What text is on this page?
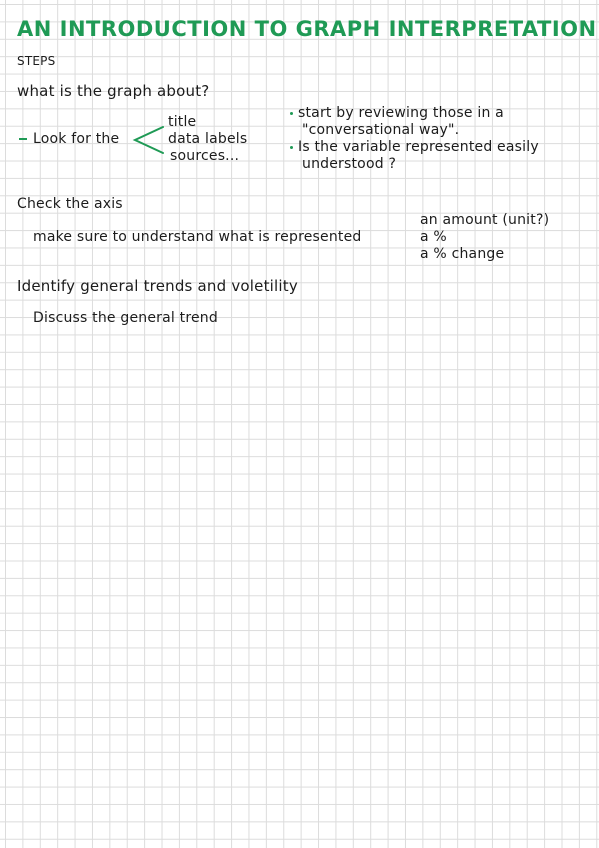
AN INTRODUCTION TO GRAPH INTERPRETATION
STEPS
what is the graph about?
Look for the
title
data labels
sources...
start by reviewing those in a
"conversational way".
Is the variable represented easily
understood ?
Check the axis
make sure to understand what is represented
an amount (unit?)
a %
a % change
Identify general trends and voletility
Discuss the general trend
